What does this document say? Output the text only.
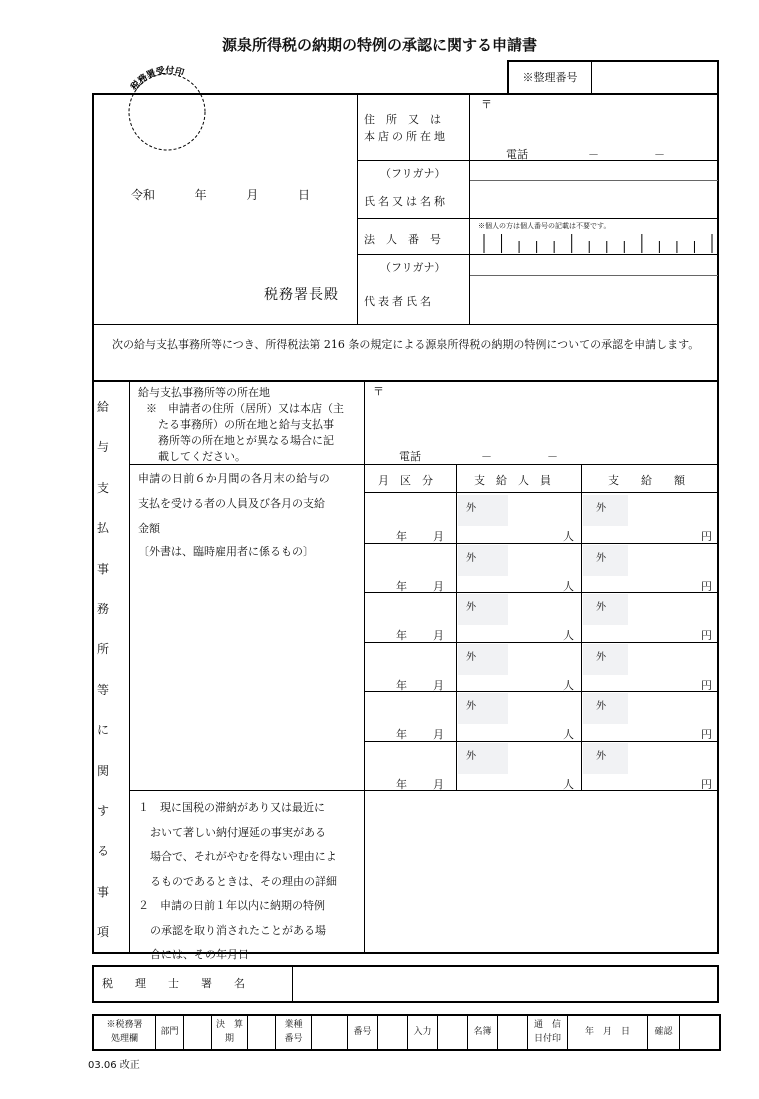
源泉所得税の納期の特例の承認に関する申請書
※整理番号
税務署受付印
令和	年	月	日
税務署長殿
住　所　又　は
本店の所在地
〒
電話	－	－
（フリガナ）
氏名又は名称
法　人　番　号
※個人の方は個人番号の記載は不要です。
（フリガナ）
代表者氏名
次の給与支払事務所等につき、所得税法第 216 条の規定による源泉所得税の納期の特例についての承認を申請します。
給
与
支
払
事
務
所
等
に
関
す
る
事
項
給与支払事務所等の所在地
※　申請者の住所（居所）又は本店（主
たる事務所）の所在地と給与支払事
務所等の所在地とが異なる場合に記
載してください。
〒
電話	－	－
申請の日前６か月間の各月末の給与の
支払を受ける者の人員及び各月の支給
金額
〔外書は、臨時雇用者に係るもの〕
月　区　分	支　給　人　員	支　　給　　額
年 月
外
人
外
円
年 月
外
人
外
円
年 月
外
人
外
円
年 月
外
人
外
円
年 月
外
人
外
円
年 月
外
人
外
円
１　現に国税の滞納があり又は最近に
おいて著しい納付遅延の事実がある
場合で、それがやむを得ない理由によ
るものであるときは、その理由の詳細
２　申請の日前１年以内に納期の特例
の承認を取り消されたことがある場
合には、その年月日
税　　理　　士　　署　　名
※税務署
処理欄
部門
決　算
期
業種
番号
番号	入力	名簿
通　信
日付印
年　月　日	確認
03.06 改正
